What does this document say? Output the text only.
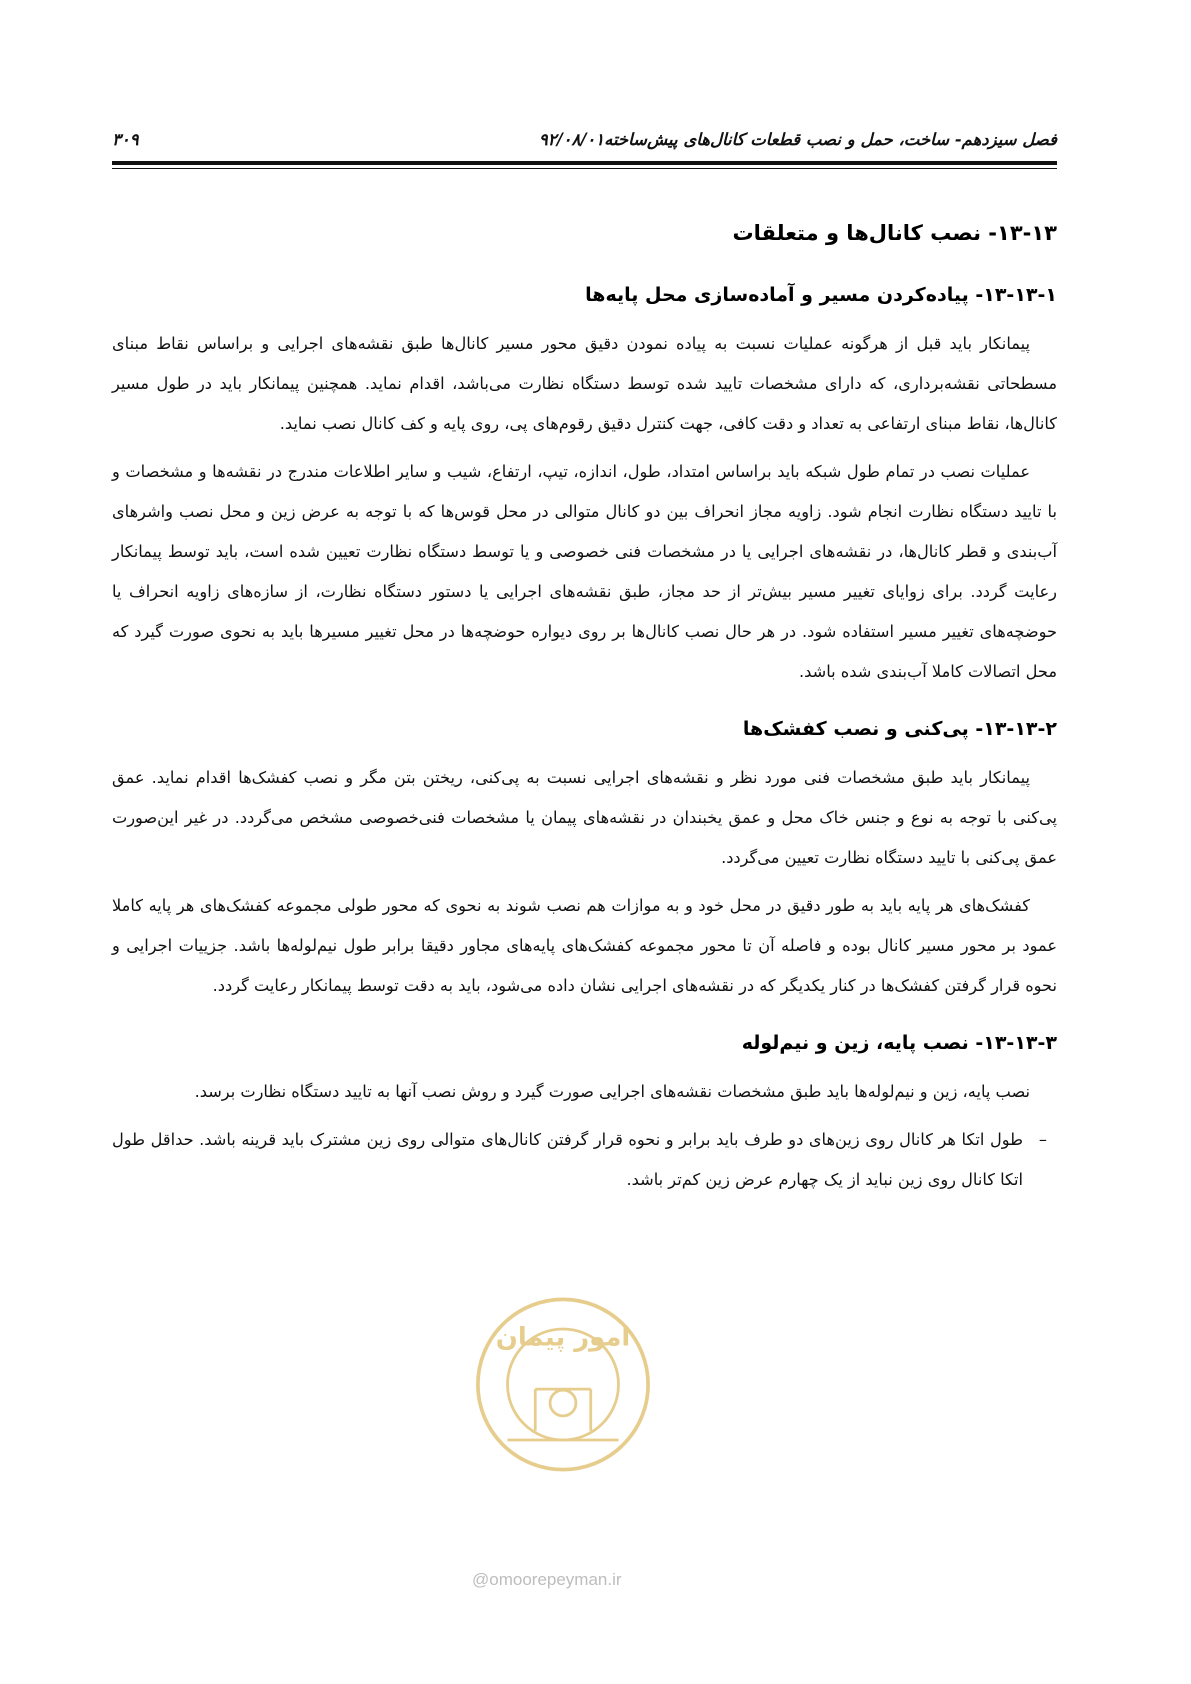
فصل سیزدهم- ساخت، حمل و نصب قطعات کانال‌های پیش‌ساخته۹۲/۰۸/۰۱
۳۰۹
۱۳-۱۳- نصب کانال‌ها و متعلقات
۱۳-۱۳-۱- پیاده‌کردن مسیر و آماده‌سازی محل پایه‌ها

پیمانکار باید قبل از هرگونه عملیات نسبت به پیاده نمودن دقیق محور مسیر کانال‌ها طبق نقشه‌های اجرایی و براساس نقاط مبنای مسطحاتی نقشه‌برداری، که دارای مشخصات تایید شده توسط دستگاه نظارت می‌باشد، اقدام نماید. همچنین پیمانکار باید در طول مسیر کانال‌ها، نقاط مبنای ارتفاعی به تعداد و دقت کافی، جهت کنترل دقیق رقوم‌های پی، روی پایه و کف کانال نصب نماید.

عملیات نصب در تمام طول شبکه باید براساس امتداد، طول، اندازه، تیپ، ارتفاع، شیب و سایر اطلاعات مندرج در نقشه‌ها و مشخصات و با تایید دستگاه نظارت انجام شود. زاویه مجاز انحراف بین دو کانال متوالی در محل قوس‌ها که با توجه به عرض زین و محل نصب واشرهای آب‌بندی و قطر کانال‌ها، در نقشه‌های اجرایی یا در مشخصات فنی خصوصی و یا توسط دستگاه نظارت تعیین شده است، باید توسط پیمانکار رعایت گردد. برای زوایای تغییر مسیر بیش‌تر از حد مجاز، طبق نقشه‌های اجرایی یا دستور دستگاه نظارت، از سازه‌های زاویه انحراف یا حوضچه‌های تغییر مسیر استفاده شود. در هر حال نصب کانال‌ها بر روی دیواره حوضچه‌ها در محل تغییر مسیرها باید به نحوی صورت گیرد که محل اتصالات کاملا آب‌بندی شده باشد.

۱۳-۱۳-۲- پی‌کنی و نصب کفشک‌ها

پیمانکار باید طبق مشخصات فنی مورد نظر و نقشه‌های اجرایی نسبت به پی‌کنی، ریختن بتن مگر و نصب کفشک‌ها اقدام نماید. عمق پی‌کنی با توجه به نوع و جنس خاک محل و عمق یخبندان در نقشه‌های پیمان یا مشخصات فنی‌خصوصی مشخص می‌گردد. در غیر این‌صورت عمق پی‌کنی با تایید دستگاه نظارت تعیین می‌گردد.

کفشک‌های هر پایه باید به طور دقیق در محل خود و به موازات هم نصب شوند به نحوی که محور طولی مجموعه کفشک‌های هر پایه کاملا عمود بر محور مسیر کانال بوده و فاصله آن تا محور مجموعه کفشک‌های پایه‌های مجاور دقیقا برابر طول نیم‌لوله‌ها باشد. جزییات اجرایی و نحوه قرار گرفتن کفشک‌ها در کنار یکدیگر که در نقشه‌های اجرایی نشان داده می‌شود، باید به دقت توسط پیمانکار رعایت گردد.

۱۳-۱۳-۳- نصب پایه، زین و نیم‌لوله

نصب پایه، زین و نیم‌لوله‌ها باید طبق مشخصات نقشه‌های اجرایی صورت گیرد و روش نصب آنها به تایید دستگاه نظارت برسد.

–
طول اتکا هر کانال روی زین‌های دو طرف باید برابر و نحوه قرار گرفتن کانال‌های متوالی روی زین مشترک باید قرینه باشد. حداقل طول اتکا کانال روی زین نباید از یک چهارم عرض زین کم‌تر باشد.
امور پیمان
@omoorepeyman.ir
